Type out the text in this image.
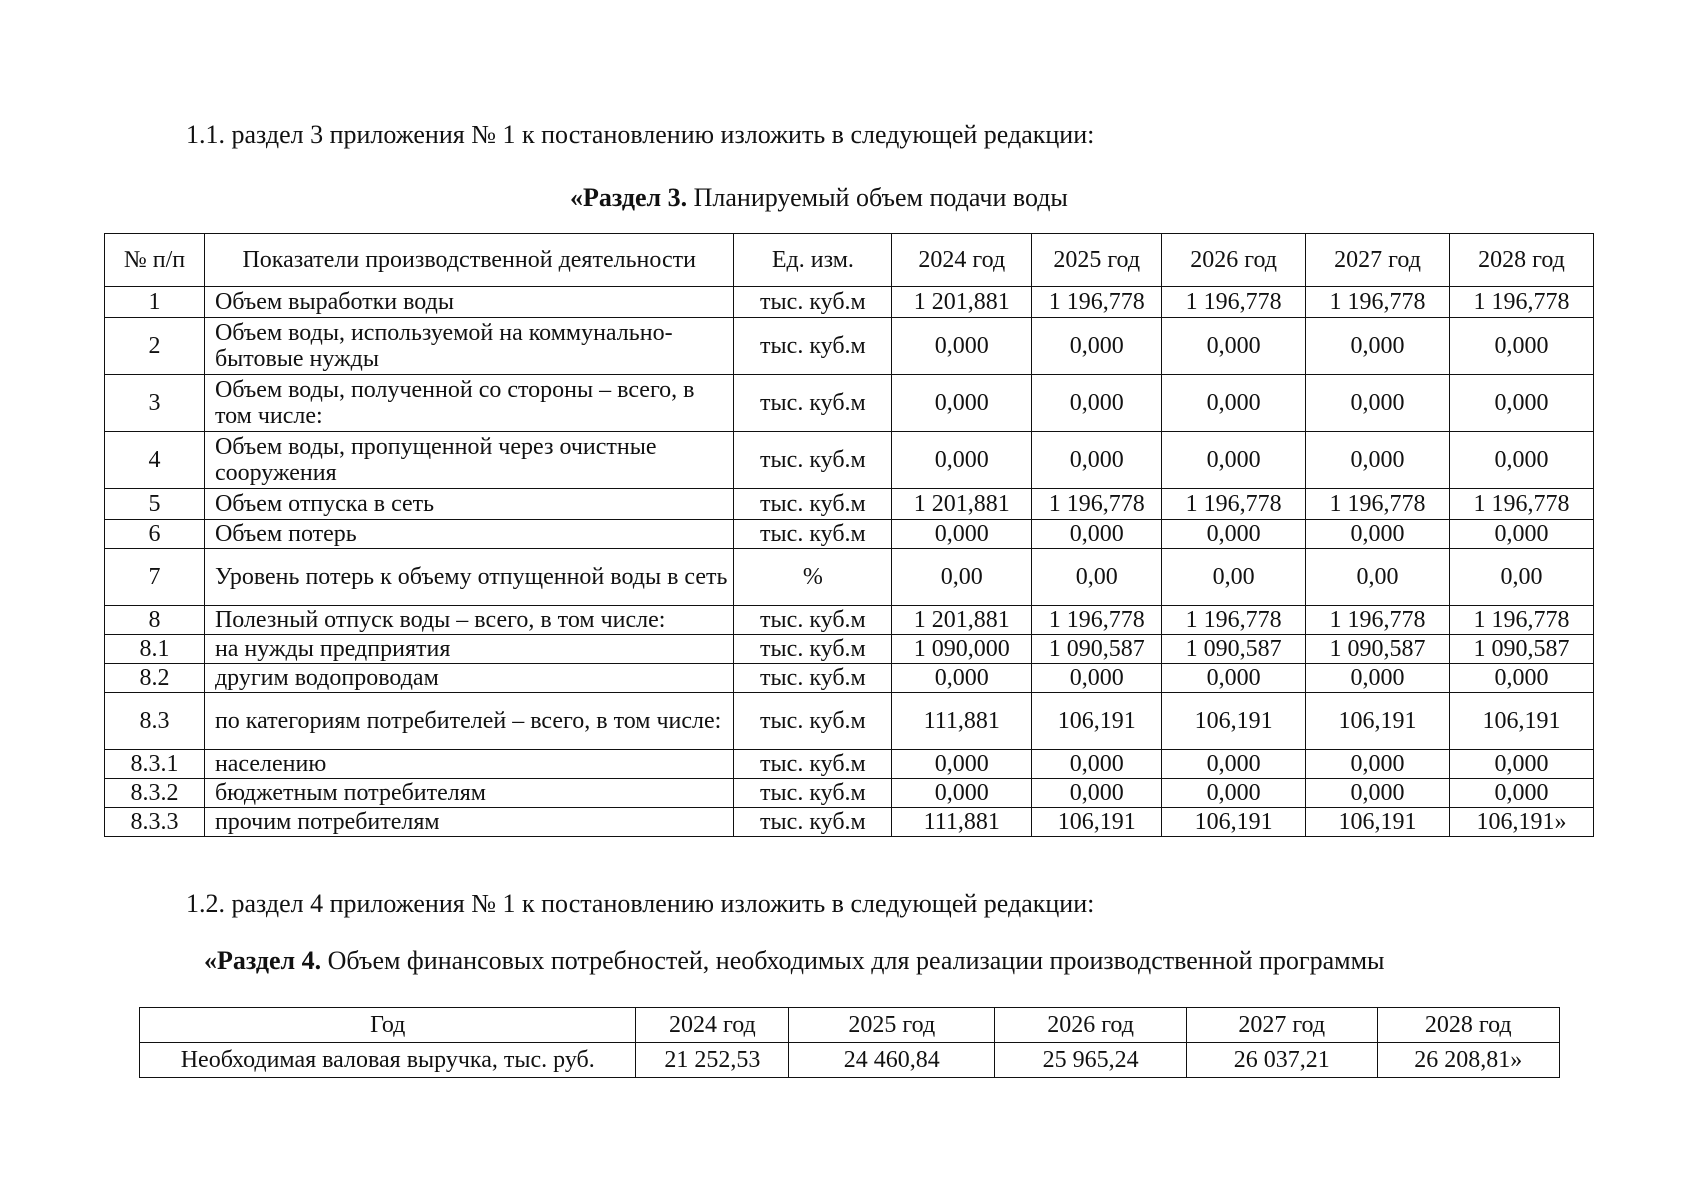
1.1. раздел 3 приложения № 1 к постановлению изложить в следующей редакции:
«Раздел 3. Планируемый объем подачи воды
№ п/п	Показатели производственной деятельности	Ед. изм.	2024 год	2025 год	2026 год	2027 год	2028 год
1	Объем выработки воды	тыс. куб.м	1 201,881	1 196,778	1 196,778	1 196,778	1 196,778
2	Объем воды, используемой на коммунально-бытовые нужды	тыс. куб.м	0,000	0,000	0,000	0,000	0,000
3	Объем воды, полученной со стороны – всего, в том числе:	тыс. куб.м	0,000	0,000	0,000	0,000	0,000
4	Объем воды, пропущенной через очистные сооружения	тыс. куб.м	0,000	0,000	0,000	0,000	0,000
5	Объем отпуска в сеть	тыс. куб.м	1 201,881	1 196,778	1 196,778	1 196,778	1 196,778
6	Объем потерь	тыс. куб.м	0,000	0,000	0,000	0,000	0,000
7	Уровень потерь к объему отпущенной воды в сеть	%	0,00	0,00	0,00	0,00	0,00
8	Полезный отпуск воды – всего, в том числе:	тыс. куб.м	1 201,881	1 196,778	1 196,778	1 196,778	1 196,778
8.1	на нужды предприятия	тыс. куб.м	1 090,000	1 090,587	1 090,587	1 090,587	1 090,587
8.2	другим водопроводам	тыс. куб.м	0,000	0,000	0,000	0,000	0,000
8.3	по категориям потребителей – всего, в том числе:	тыс. куб.м	111,881	106,191	106,191	106,191	106,191
8.3.1	населению	тыс. куб.м	0,000	0,000	0,000	0,000	0,000
8.3.2	бюджетным потребителям	тыс. куб.м	0,000	0,000	0,000	0,000	0,000
8.3.3	прочим потребителям	тыс. куб.м	111,881	106,191	106,191	106,191	106,191»
1.2. раздел 4 приложения № 1 к постановлению изложить в следующей редакции:
«Раздел 4. Объем финансовых потребностей, необходимых для реализации производственной программы
Год	2024 год	2025 год	2026 год	2027 год	2028 год
Необходимая валовая выручка, тыс. руб.	21 252,53	24 460,84	25 965,24	26 037,21	26 208,81»
